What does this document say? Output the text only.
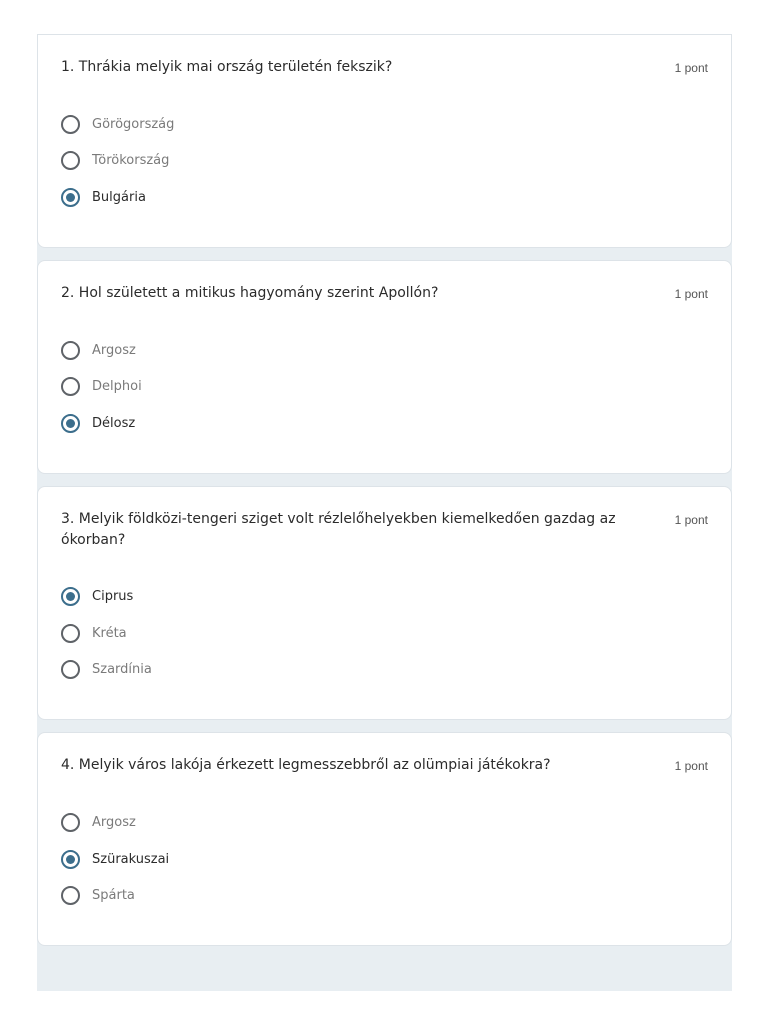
1. Thrákia melyik mai ország területén fekszik?	1 pont
Görögország
Törökország
Bulgária
2. Hol született a mitikus hagyomány szerint Apollón?	1 pont
Argosz
Delphoi
Délosz
3. Melyik földközi-tengeri sziget volt rézlelőhelyekben kiemelkedően gazdag az ókorban?
1 pont
Ciprus
Kréta
Szardínia
4. Melyik város lakója érkezett legmesszebbről az olümpiai játékokra?	1 pont
Argosz
Szürakuszai
Spárta
